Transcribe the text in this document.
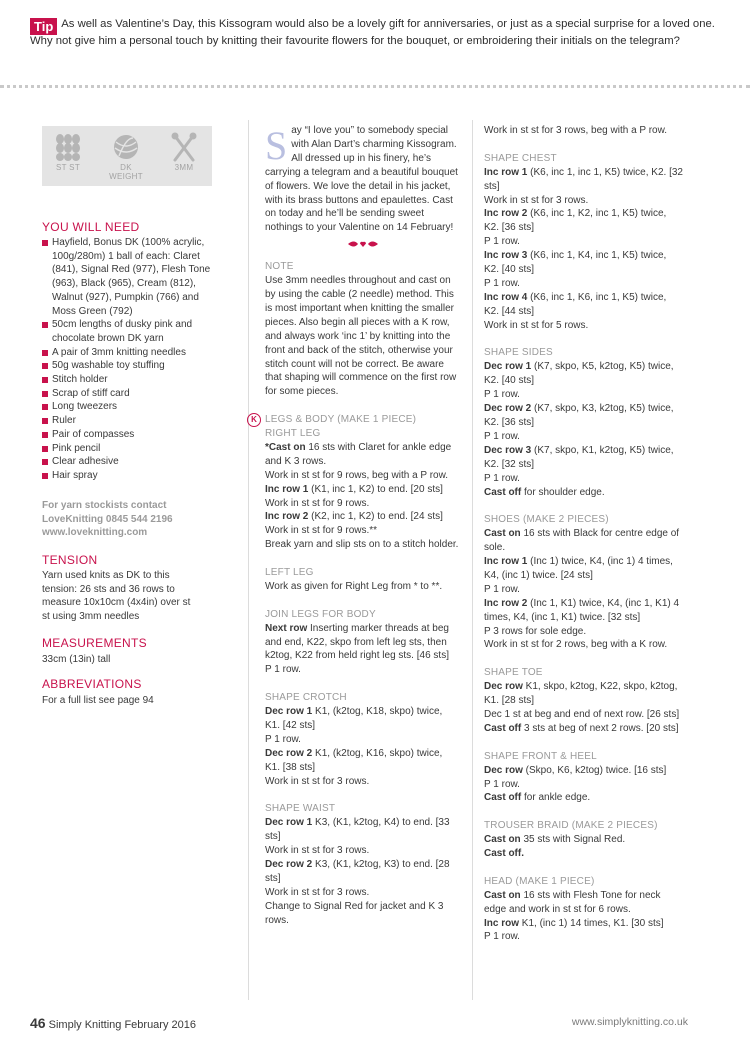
Tip As well as Valentine’s Day, this Kissogram would also be a lovely gift for anniversaries, or just as a special surprise for a loved one. Why not give him a personal touch by knitting their favourite flowers for the bouquet, or embroidering their initials on the telegram?
ST ST	DK
WEIGHT
3MM
YOU WILL NEED
Hayfield, Bonus DK (100% acrylic, 100g/280m) 1 ball of each: Claret (841), Signal Red (977), Flesh Tone (963), Black (965), Cream (812), Walnut (927), Pumpkin (766) and Moss Green (792)
50cm lengths of dusky pink and chocolate brown DK yarn
A pair of 3mm knitting needles
50g washable toy stuffing
Stitch holder
Scrap of stiff card
Long tweezers
Ruler
Pair of compasses
Pink pencil
Clear adhesive
Hair spray
For yarn stockists contact
LoveKnitting 0845 544 2196
www.loveknitting.com
TENSION
Yarn used knits as DK to this tension: 26 sts and 36 rows to measure 10x10cm (4x4in) over st st using 3mm needles
MEASUREMENTS
33cm (13in) tall
ABBREVIATIONS
For a full list see page 94
Say “I love you” to somebody special with Alan Dart’s charming Kissogram. All dressed up in his finery, he’s carrying a telegram and a beautiful bouquet of flowers. We love the detail in his jacket, with its brass buttons and epaulettes. Cast on today and he’ll be sending sweet nothings to your Valentine on 14 February!

NOTE

Use 3mm needles throughout and cast on by using the cable (2 needle) method. This is most important when knitting the smaller pieces. Also begin all pieces with a K row, and always work ‘inc 1’ by knitting into the front and back of the stitch, otherwise your stitch count will not be correct. Be aware that shaping will commence on the first row for some pieces.

K LEGS & BODY (MAKE 1 PIECE)

RIGHT LEG

*Cast on 16 sts with Claret for ankle edge and K 3 rows.

Work in st st for 9 rows, beg with a P row.

Inc row 1 (K1, inc 1, K2) to end. [20 sts]

Work in st st for 9 rows.

Inc row 2 (K2, inc 1, K2) to end. [24 sts]

Work in st st for 9 rows.**

Break yarn and slip sts on to a stitch holder.

LEFT LEG

Work as given for Right Leg from * to **.

JOIN LEGS FOR BODY

Next row Inserting marker threads at beg and end, K22, skpo from left leg sts, then k2tog, K22 from held right leg sts. [46 sts]

P 1 row.

SHAPE CROTCH

Dec row 1 K1, (k2tog, K18, skpo) twice, K1. [42 sts]

P 1 row.

Dec row 2 K1, (k2tog, K16, skpo) twice, K1. [38 sts]

Work in st st for 3 rows.

SHAPE WAIST

Dec row 1 K3, (K1, k2tog, K4) to end. [33 sts]

Work in st st for 3 rows.

Dec row 2 K3, (K1, k2tog, K3) to end. [28 sts]

Work in st st for 3 rows.

Change to Signal Red for jacket and K 3 rows.

Work in st st for 3 rows, beg with a P row.

SHAPE CHEST

Inc row 1 (K6, inc 1, inc 1, K5) twice, K2. [32 sts]

Work in st st for 3 rows.

Inc row 2 (K6, inc 1, K2, inc 1, K5) twice, K2. [36 sts]

P 1 row.

Inc row 3 (K6, inc 1, K4, inc 1, K5) twice, K2. [40 sts]

P 1 row.

Inc row 4 (K6, inc 1, K6, inc 1, K5) twice, K2. [44 sts]

Work in st st for 5 rows.

SHAPE SIDES

Dec row 1 (K7, skpo, K5, k2tog, K5) twice, K2. [40 sts]

P 1 row.

Dec row 2 (K7, skpo, K3, k2tog, K5) twice, K2. [36 sts]

P 1 row.

Dec row 3 (K7, skpo, K1, k2tog, K5) twice, K2. [32 sts]

P 1 row.

Cast off for shoulder edge.

SHOES (MAKE 2 PIECES)

Cast on 16 sts with Black for centre edge of sole.

Inc row 1 (Inc 1) twice, K4, (inc 1) 4 times, K4, (inc 1) twice. [24 sts]

P 1 row.

Inc row 2 (Inc 1, K1) twice, K4, (inc 1, K1) 4 times, K4, (inc 1, K1) twice. [32 sts]

P 3 rows for sole edge.

Work in st st for 2 rows, beg with a K row.

SHAPE TOE

Dec row K1, skpo, k2tog, K22, skpo, k2tog, K1. [28 sts]

Dec 1 st at beg and end of next row. [26 sts]

Cast off 3 sts at beg of next 2 rows. [20 sts]

SHAPE FRONT & HEEL

Dec row (Skpo, K6, k2tog) twice. [16 sts]

P 1 row.

Cast off for ankle edge.

TROUSER BRAID (MAKE 2 PIECES)

Cast on 35 sts with Signal Red.

Cast off.

HEAD (MAKE 1 PIECE)

Cast on 16 sts with Flesh Tone for neck edge and work in st st for 6 rows.

Inc row K1, (inc 1) 14 times, K1. [30 sts]

P 1 row.

46 Simply Knitting February 2016	www.simplyknitting.co.uk
